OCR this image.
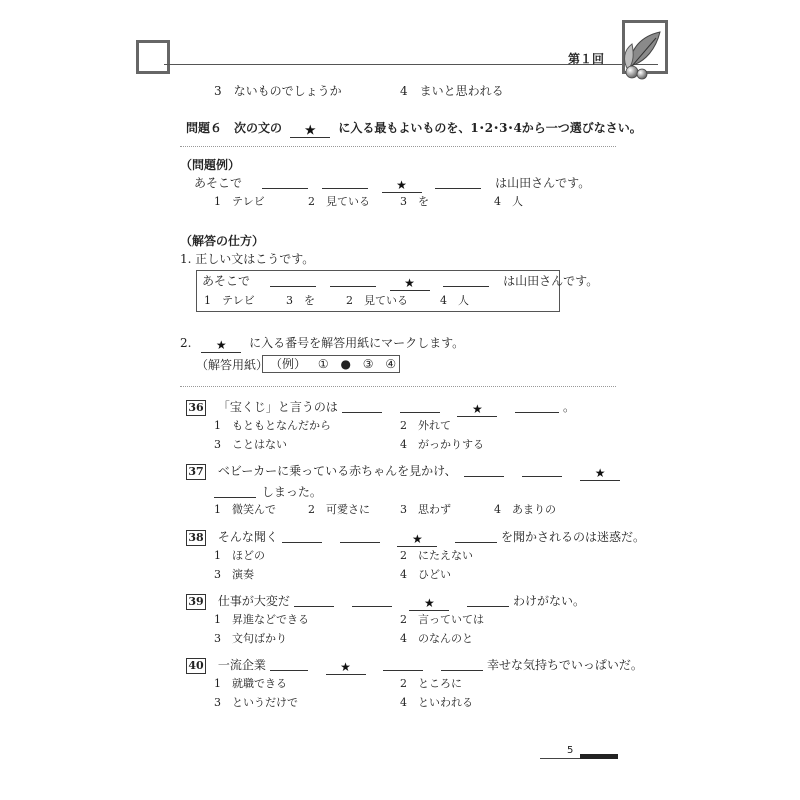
第１回
3　ないものでしょうか	4　まいと思われる
問題６　次の文の ★ に入る最もよいものを、1･2･3･4から一つ選びなさい。
（問題例）
あそこで	★	は山田さんです。
1　テレビ	2　見ている	3　を	4　人
（解答の仕方）
1. 正しい文はこうです。
あそこで	★	は山田さんです。
1　テレビ	3　を	2　見ている	4　人
2. ★ に入る番号を解答用紙にマークします。
（解答用紙） （例） ① ● ③ ④
36 「宝くじ」と言うのは	★	。
1　もともとなんだから	2　外れて
3　ことはない	4　がっかりする
37 ベビーカーに乗っている赤ちゃんを見かけ、	★
しまった。
1　微笑んで	2　可愛さに	3　思わず	4　あまりの
38 そんな聞く	★	を聞かされるのは迷惑だ。
1　ほどの	2　にたえない
3　演奏	4　ひどい
39 仕事が大変だ	★	わけがない。
1　昇進などできる	2　言っていては
3　文句ばかり	4　のなんのと
40 一流企業	★	幸せな気持ちでいっぱいだ。
1　就職できる	2　ところに
3　というだけで	4　といわれる
5
